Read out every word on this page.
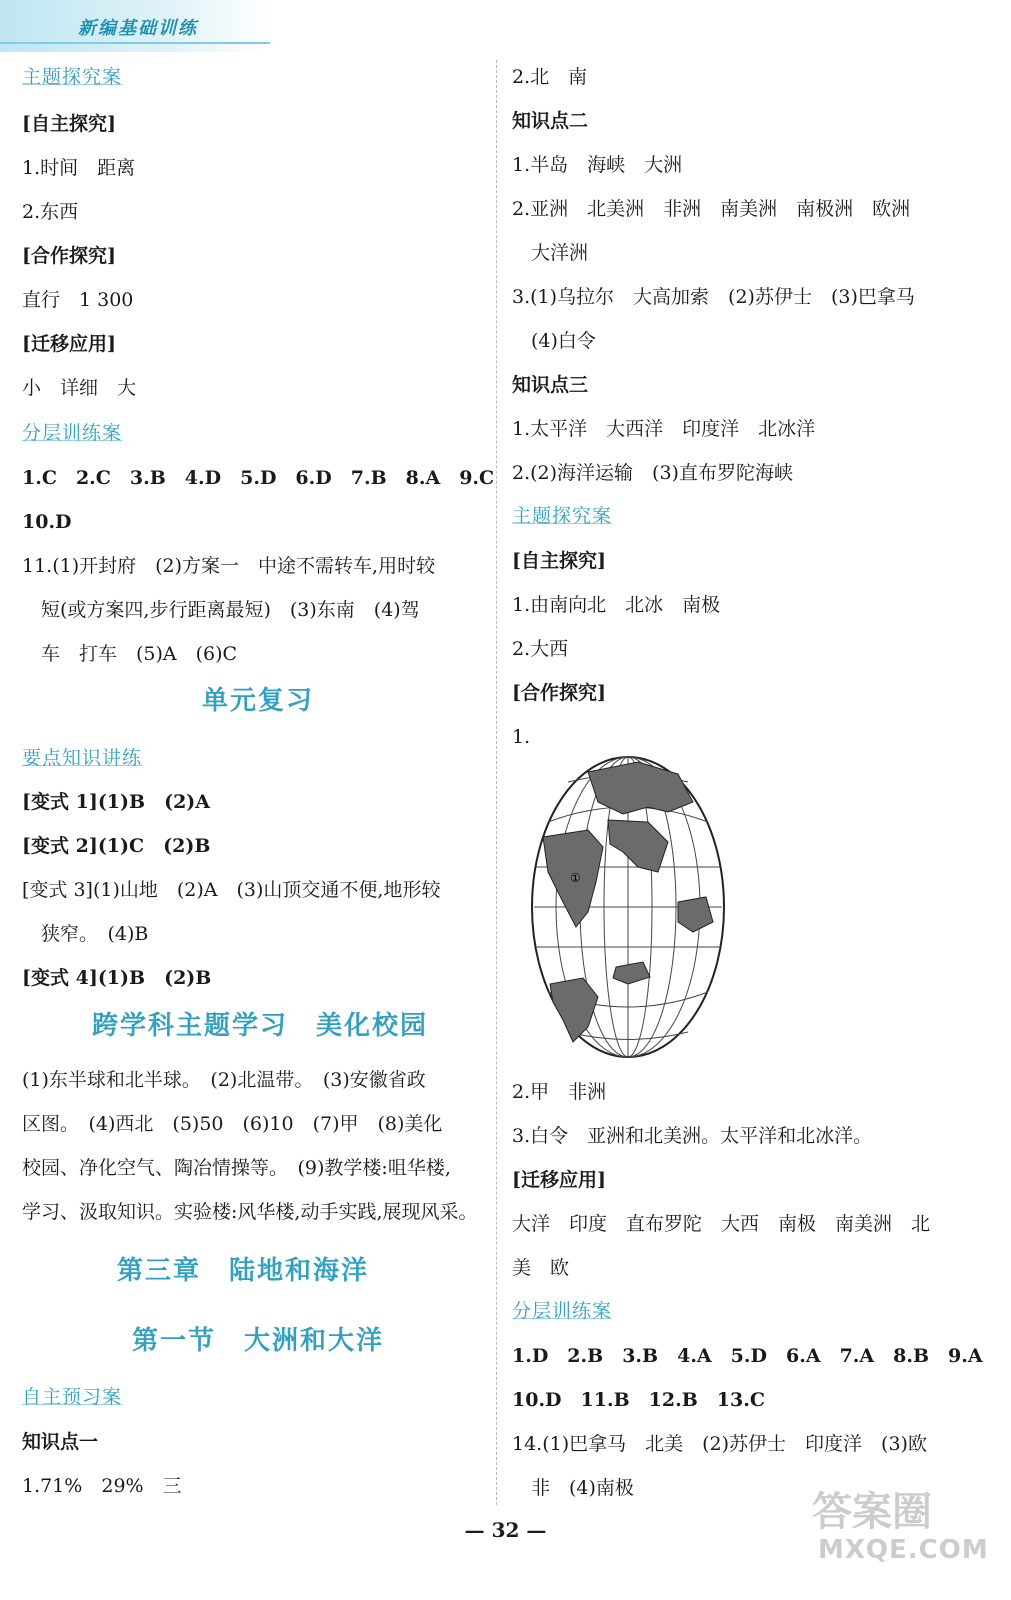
新编基础训练
主题探究案
[自主探究]
1.时间　距离
2.东西
[合作探究]
直行　1 300
[迁移应用]
小　详细　大
分层训练案
1.C　2.C　3.B　4.D　5.D　6.D　7.B　8.A　9.C
10.D
11.(1)开封府　(2)方案一　中途不需转车,用时较
　短(或方案四,步行距离最短)　(3)东南　(4)驾
　车　打车　(5)A　(6)C
要点知识讲练
[变式 1](1)B　(2)A
[变式 2](1)C　(2)B
[变式 3](1)山地　(2)A　(3)山顶交通不便,地形较
　狭窄。　(4)B
[变式 4](1)B　(2)B
(1)东半球和北半球。　(2)北温带。　(3)安徽省政
区图。　(4)西北　(5)50　(6)10　(7)甲　(8)美化
校园、净化空气、陶冶情操等。　(9)教学楼:咀华楼,
学习、汲取知识。实验楼:风华楼,动手实践,展现风采。
自主预习案
知识点一
1.71%　29%　三
单元复习
跨学科主题学习　美化校园
第三章　陆地和海洋
第一节　大洲和大洋
2.北　南
知识点二
1.半岛　海峡　大洲
2.亚洲　北美洲　非洲　南美洲　南极洲　欧洲
　大洋洲
3.(1)乌拉尔　大高加索　(2)苏伊士　(3)巴拿马
　(4)白令
知识点三
1.太平洋　大西洋　印度洋　北冰洋
2.(2)海洋运输　(3)直布罗陀海峡
主题探究案
[自主探究]
1.由南向北　北冰　南极
2.大西
[合作探究]
1.
2.甲　非洲
3.白令　亚洲和北美洲。太平洋和北冰洋。
[迁移应用]
大洋　印度　直布罗陀　大西　南极　南美洲　北
美　欧
分层训练案
1.D　2.B　3.B　4.A　5.D　6.A　7.A　8.B　9.A
10.D　11.B　12.B　13.C
14.(1)巴拿马　北美　(2)苏伊士　印度洋　(3)欧
　非　(4)南极
①
— 32 —	答案圈
MXQE.COM
